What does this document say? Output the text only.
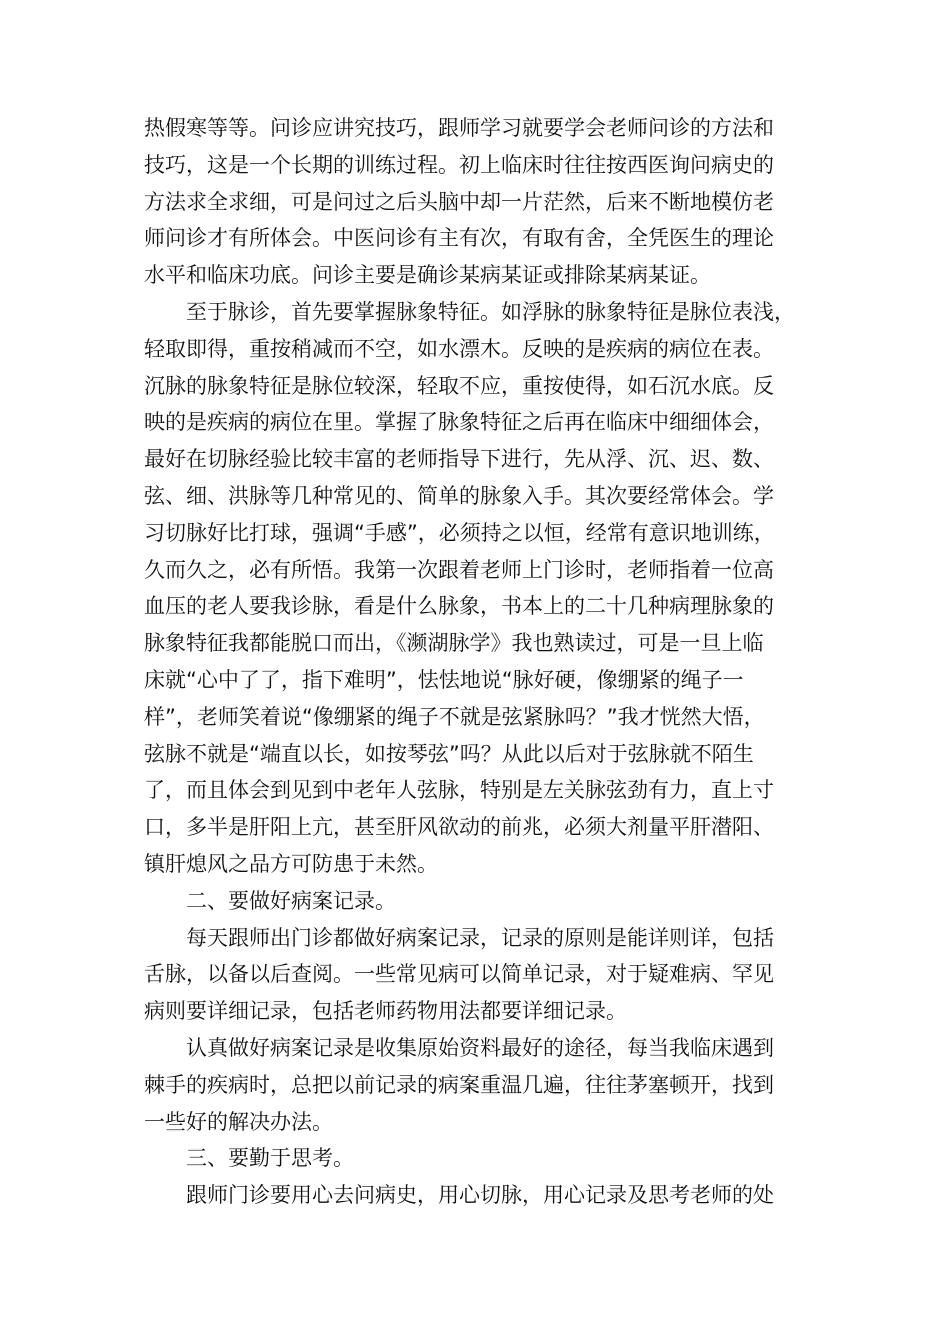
热假寒等等。问诊应讲究技巧，跟师学习就要学会老师问诊的方法和
技巧，这是一个长期的训练过程。初上临床时往往按西医询问病史的
方法求全求细，可是问过之后头脑中却一片茫然，后来不断地模仿老
师问诊才有所体会。中医问诊有主有次，有取有舍，全凭医生的理论
水平和临床功底。问诊主要是确诊某病某证或排除某病某证。
至于脉诊，首先要掌握脉象特征。如浮脉的脉象特征是脉位表浅，
轻取即得，重按稍减而不空，如水漂木。反映的是疾病的病位在表。
沉脉的脉象特征是脉位较深，轻取不应，重按使得，如石沉水底。反
映的是疾病的病位在里。掌握了脉象特征之后再在临床中细细体会，
最好在切脉经验比较丰富的老师指导下进行，先从浮、沉、迟、数、
弦、细、洪脉等几种常见的、简单的脉象入手。其次要经常体会。学
习切脉好比打球，强调“手感”，必须持之以恒，经常有意识地训练，
久而久之，必有所悟。我第一次跟着老师上门诊时，老师指着一位高
血压的老人要我诊脉，看是什么脉象，书本上的二十几种病理脉象的
脉象特征我都能脱口而出，《濒湖脉学》我也熟读过，可是一旦上临
床就“心中了了，指下难明”，怯怯地说“脉好硬，像绷紧的绳子一
样”，老师笑着说“像绷紧的绳子不就是弦紧脉吗？”我才恍然大悟，
弦脉不就是“端直以长，如按琴弦”吗？从此以后对于弦脉就不陌生
了，而且体会到见到中老年人弦脉，特别是左关脉弦劲有力，直上寸
口，多半是肝阳上亢，甚至肝风欲动的前兆，必须大剂量平肝潜阳、
镇肝熄风之品方可防患于未然。
二、要做好病案记录。
每天跟师出门诊都做好病案记录，记录的原则是能详则详，包括
舌脉，以备以后查阅。一些常见病可以简单记录，对于疑难病、罕见
病则要详细记录，包括老师药物用法都要详细记录。
认真做好病案记录是收集原始资料最好的途径，每当我临床遇到
棘手的疾病时，总把以前记录的病案重温几遍，往往茅塞顿开，找到
一些好的解决办法。
三、要勤于思考。
跟师门诊要用心去问病史，用心切脉，用心记录及思考老师的处
